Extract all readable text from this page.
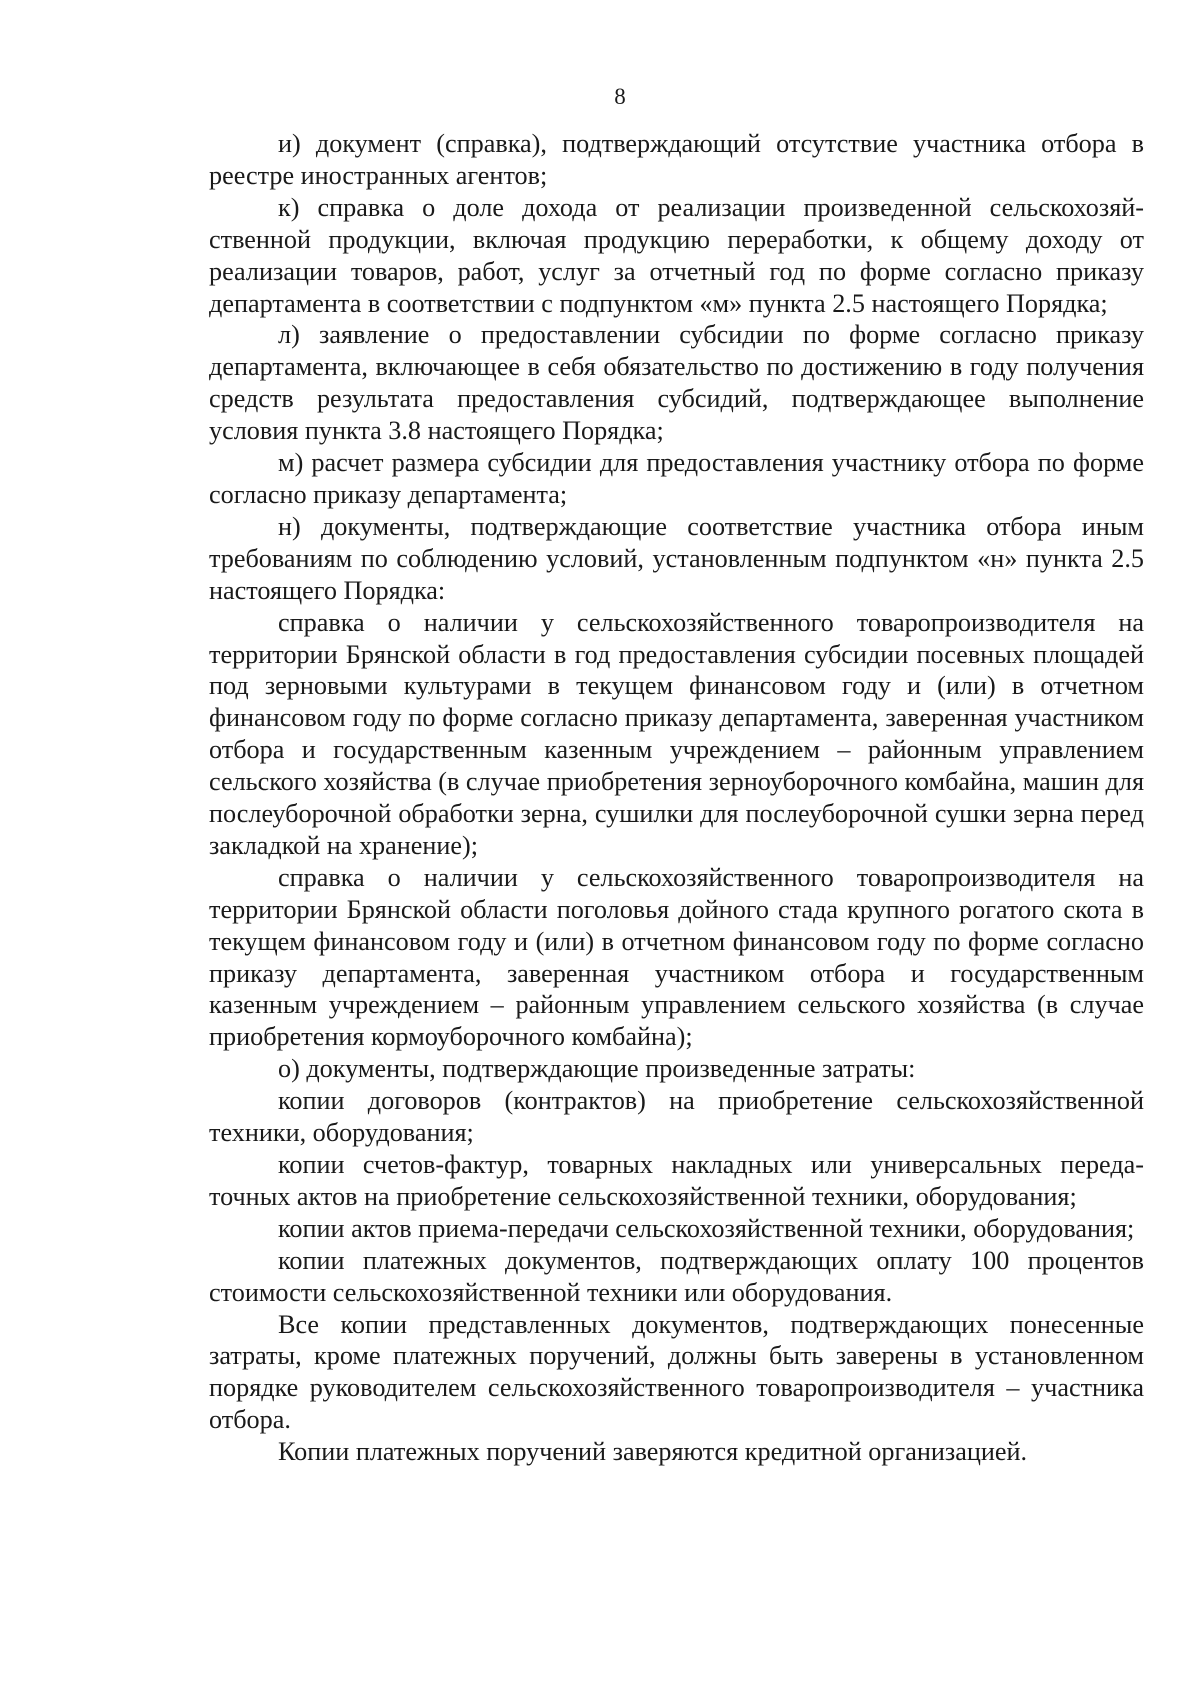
8

и) документ (справка), подтверждающий отсутствие участника отбора в реестре иностранных агентов;

к) справка о доле дохода от реализации произведенной сельскохозяйственной продукции, включая продукцию переработки, к общему доходу от реализации товаров, работ, услуг за отчетный год по форме согласно приказу департамента в соответствии с подпунктом «м» пункта 2.5 настоящего Порядка;

л) заявление о предоставлении субсидии по форме согласно приказу департамента, включающее в себя обязательство по достижению в году получения средств результата предоставления субсидий, подтверждающее выполнение условия пункта 3.8 настоящего Порядка;

м) расчет размера субсидии для предоставления участнику отбора по форме согласно приказу департамента;

н) документы, подтверждающие соответствие участника отбора иным требованиям по соблюдению условий, установленным подпунктом «н» пункта 2.5 настоящего Порядка:

справка о наличии у сельскохозяйственного товаропроизводителя на территории Брянской области в год предоставления субсидии посевных площадей под зерновыми культурами в текущем финансовом году и (или) в отчетном финансовом году по форме согласно приказу департамента, заверенная участником отбора и государственным казенным учреждением – районным управлением сельского хозяйства (в случае приобретения зерноуборочного комбайна, машин для послеуборочной обработки зерна, сушилки для послеуборочной сушки зерна перед закладкой на хранение);

справка о наличии у сельскохозяйственного товаропроизводителя на территории Брянской области поголовья дойного стада крупного рогатого скота в текущем финансовом году и (или) в отчетном финансовом году по форме согласно приказу департамента, заверенная участником отбора и государственным казенным учреждением – районным управлением сельского хозяйства (в случае приобретения кормоуборочного комбайна);

о) документы, подтверждающие произведенные затраты:

копии договоров (контрактов) на приобретение сельскохозяйственной техники, оборудования;

копии счетов-фактур, товарных накладных или универсальных передаточных актов на приобретение сельскохозяйственной техники, оборудования;

копии актов приема-передачи сельскохозяйственной техники, оборудования;

копии платежных документов, подтверждающих оплату 100 процентов стоимости сельскохозяйственной техники или оборудования.

Все копии представленных документов, подтверждающих понесенные затраты, кроме платежных поручений, должны быть заверены в установленном порядке руководителем сельскохозяйственного товаропроизводителя – участника отбора.

Копии платежных поручений заверяются кредитной организацией.
